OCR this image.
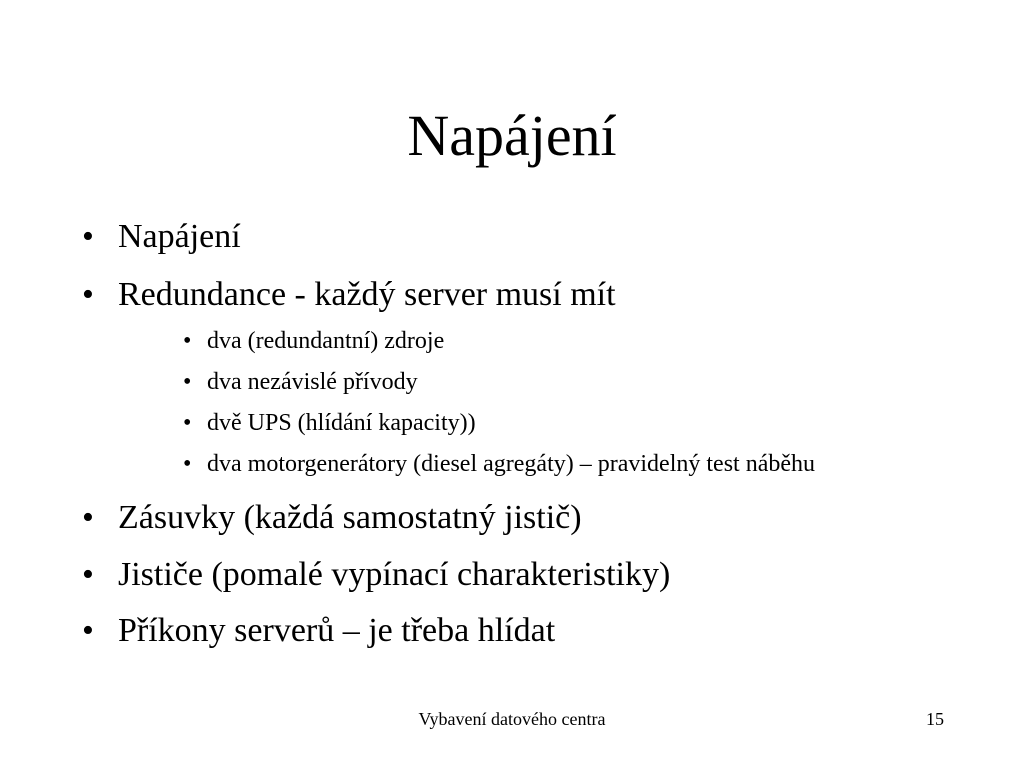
Napájení
• Napájení
• Redundance - každý server musí mít
• dva (redundantní) zdroje
• dva nezávislé přívody
• dvě UPS (hlídání kapacity))
• dva motorgenerátory (diesel agregáty) – pravidelný test náběhu
• Zásuvky (každá samostatný jistič)
• Jističe (pomalé vypínací charakteristiky)
• Příkony serverů – je třeba hlídat
Vybavení datového centra	15
